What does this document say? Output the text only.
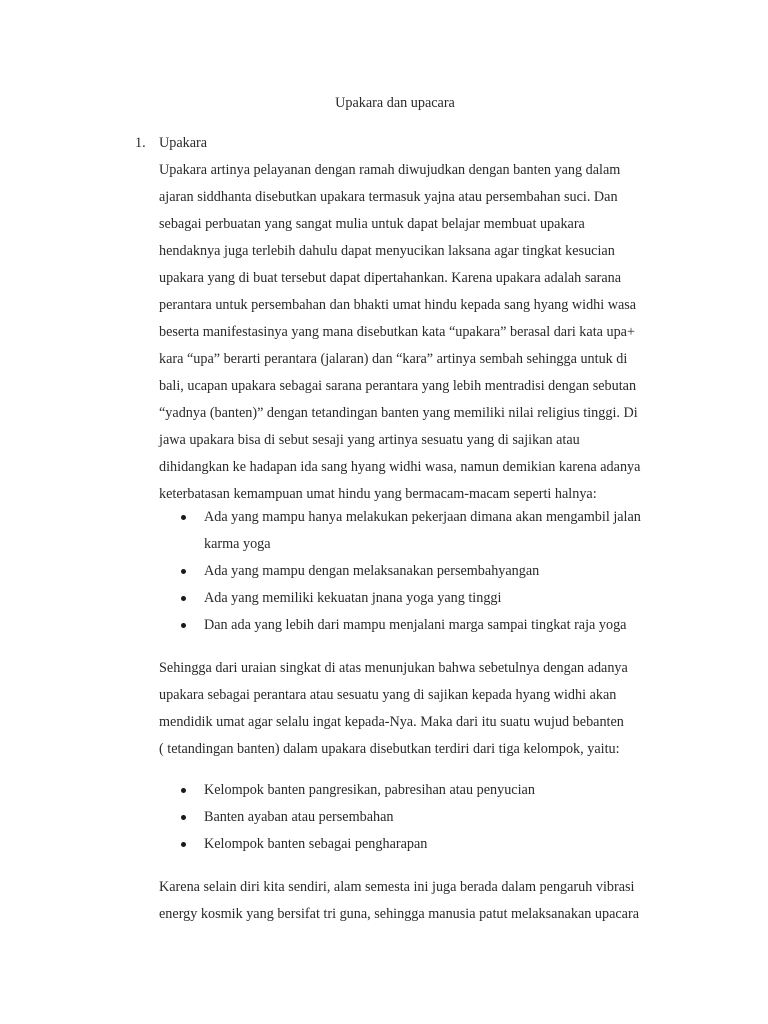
Upakara dan upacara
1. Upakara

Upakara artinya pelayanan dengan ramah diwujudkan dengan banten yang dalam
ajaran siddhanta disebutkan upakara termasuk yajna atau persembahan suci. Dan
sebagai perbuatan yang sangat mulia untuk dapat belajar membuat upakara
hendaknya juga terlebih dahulu dapat menyucikan laksana agar tingkat kesucian
upakara yang di buat tersebut dapat dipertahankan. Karena upakara adalah sarana
perantara untuk persembahan dan bhakti umat hindu kepada sang hyang widhi wasa
beserta manifestasinya yang mana disebutkan kata “upakara” berasal dari kata upa+
kara “upa” berarti perantara (jalaran) dan “kara” artinya sembah sehingga untuk di
bali, ucapan upakara sebagai sarana perantara yang lebih mentradisi dengan sebutan
“yadnya (banten)” dengan tetandingan banten yang memiliki nilai religius tinggi. Di
jawa upakara bisa di sebut sesaji yang artinya sesuatu yang di sajikan atau
dihidangkan ke hadapan ida sang hyang widhi wasa, namun demikian karena adanya
keterbatasan kemampuan umat hindu yang bermacam-macam seperti halnya:

Ada yang mampu hanya melakukan pekerjaan dimana akan mengambil jalan
karma yoga
Ada yang mampu dengan melaksanakan persembahyangan
Ada yang memiliki kekuatan jnana yoga yang tinggi
Dan ada yang lebih dari mampu menjalani marga sampai tingkat raja yoga

Sehingga dari uraian singkat di atas menunjukan bahwa sebetulnya dengan adanya
upakara sebagai perantara atau sesuatu yang di sajikan kepada hyang widhi akan
mendidik umat agar selalu ingat kepada-Nya. Maka dari itu suatu wujud bebanten
( tetandingan banten) dalam upakara disebutkan terdiri dari tiga kelompok, yaitu:

Kelompok banten pangresikan, pabresihan atau penyucian
Banten ayaban atau persembahan
Kelompok banten sebagai pengharapan

Karena selain diri kita sendiri, alam semesta ini juga berada dalam pengaruh vibrasi
energy kosmik yang bersifat tri guna, sehingga manusia patut melaksanakan upacara
